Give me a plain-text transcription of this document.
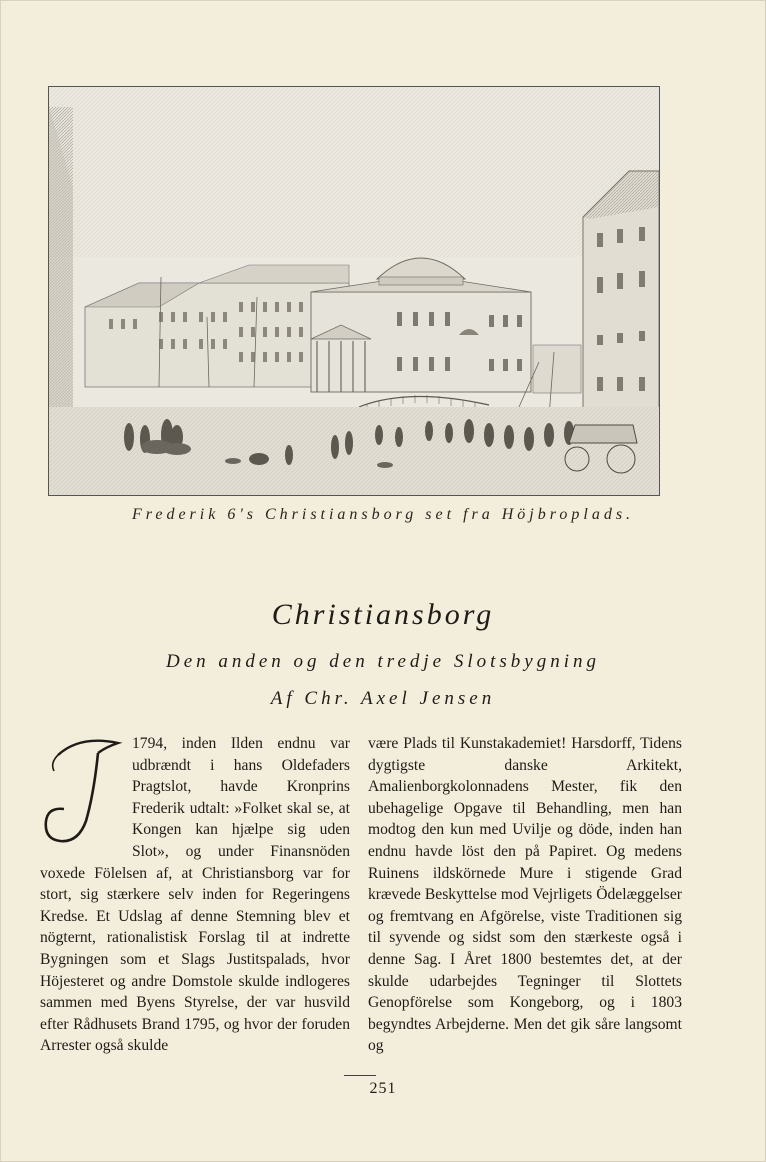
Frederik 6's Christiansborg set fra Höjbroplads.
Christiansborg
Den anden og den tredje Slotsbygning
Af Chr. Axel Jensen
1794, inden Ilden endnu var udbrændt i hans Oldefaders Pragtslot, havde Kronprins Frederik udtalt: »Folket skal se, at Kongen kan hjælpe sig uden Slot», og under Finansnöden voxede Fölelsen af, at Christiansborg var for stort, sig stærkere selv inden for Regeringens Kredse. Et Udslag af denne Stemning blev et nögternt, rationalistisk Forslag til at indrette Bygningen som et Slags Justitspalads, hvor Höjesteret og andre Domstole skulde indlogeres sammen med Byens Styrelse, der var husvild efter Rådhusets Brand 1795, og hvor der foruden Arrester også skulde
være Plads til Kunstakademiet! Harsdorff, Tidens dygtigste danske Arkitekt, Amalienborgkolonnadens Mester, fik den ubehagelige Opgave til Behandling, men han modtog den kun med Uvilje og döde, inden han endnu havde löst den på Papiret. Og medens Ruinens ildskörnede Mure i stigende Grad krævede Beskyttelse mod Vejrligets Ödelæggelser og fremtvang en Afgörelse, viste Traditionen sig til syvende og sidst som den stærkeste også i denne Sag. I Året 1800 bestemtes det, at der skulde udarbejdes Tegninger til Slottets Genopförelse som Kongeborg, og i 1803 begyndtes Arbejderne. Men det gik såre langsomt og
251
